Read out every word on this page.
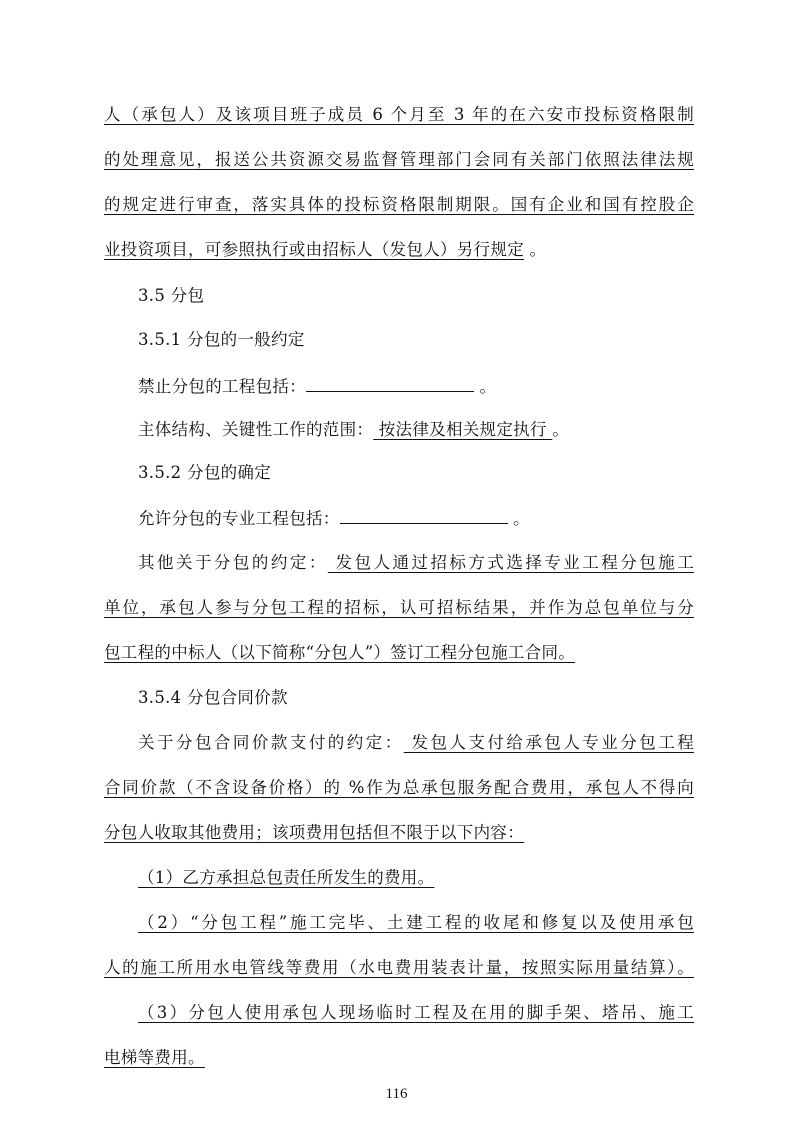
人（承包人）及该项目班子成员 6 个月至 3 年的在六安市投标资格限制
的处理意见，报送公共资源交易监督管理部门会同有关部门依照法律法规
的规定进行审查，落实具体的投标资格限制期限。国有企业和国有控股企
业投资项目，可参照执行或由招标人（发包人）另行规定 。
3.5 分包
3.5.1 分包的一般约定
禁止分包的工程包括：	。
主体结构、关键性工作的范围： 按法律及相关规定执行 。
3.5.2 分包的确定
允许分包的专业工程包括：	。
其他关于分包的约定： 发包人通过招标方式选择专业工程分包施工
单位，承包人参与分包工程的招标，认可招标结果，并作为总包单位与分
包工程的中标人（以下简称“分包人”）签订工程分包施工合同。
3.5.4 分包合同价款
关于分包合同价款支付的约定： 发包人支付给承包人专业分包工程
合同价款（不含设备价格）的 %作为总承包服务配合费用，承包人不得向
分包人收取其他费用；该项费用包括但不限于以下内容：
（1）乙方承担总包责任所发生的费用。
（2）“分包工程”施工完毕、土建工程的收尾和修复以及使用承包
人的施工所用水电管线等费用（水电费用装表计量，按照实际用量结算）。
（3）分包人使用承包人现场临时工程及在用的脚手架、塔吊、施工
电梯等费用。
116
